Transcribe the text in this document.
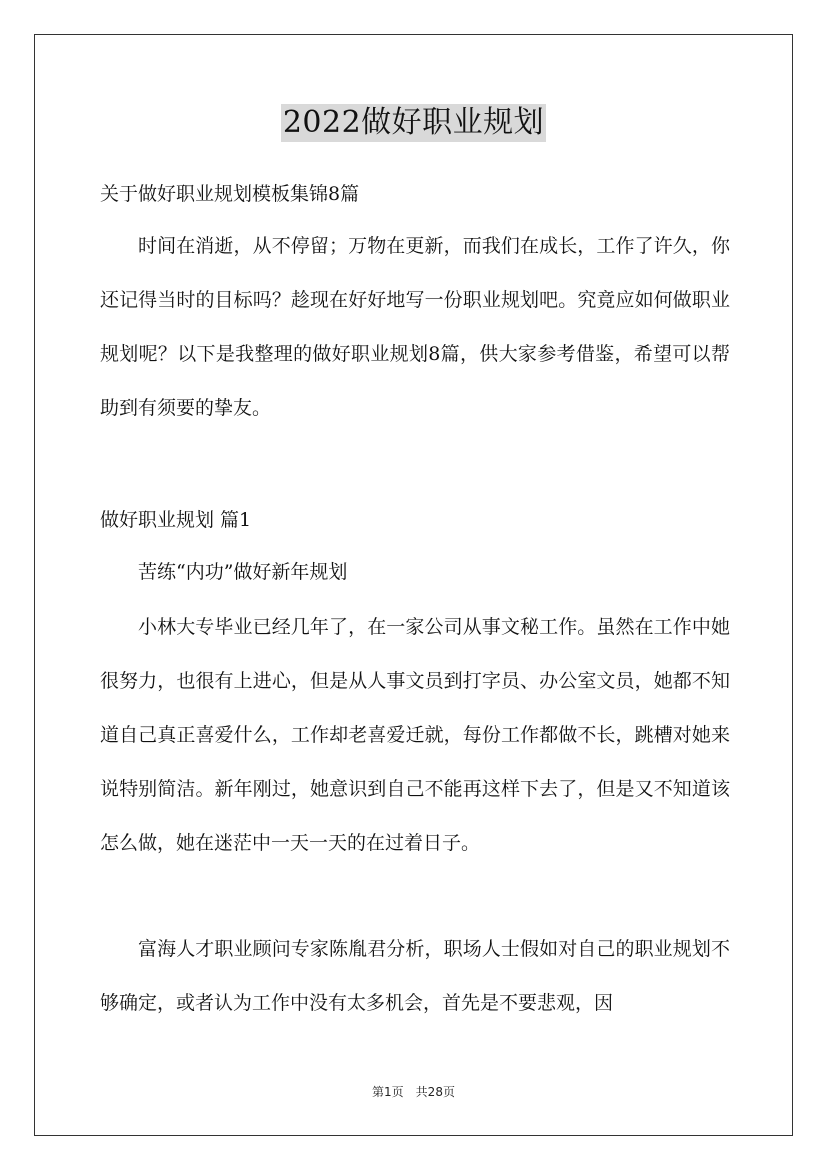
2022做好职业规划
关于做好职业规划模板集锦8篇

时间在消逝，从不停留；万物在更新，而我们在成长，工作了许久，你还记得当时的目标吗？趁现在好好地写一份职业规划吧。究竟应如何做职业规划呢？以下是我整理的做好职业规划8篇，供大家参考借鉴，希望可以帮助到有须要的挚友。

做好职业规划 篇1
苦练“内功”做好新年规划

小林大专毕业已经几年了，在一家公司从事文秘工作。虽然在工作中她很努力，也很有上进心，但是从人事文员到打字员、办公室文员，她都不知道自己真正喜爱什么，工作却老喜爱迁就，每份工作都做不长，跳槽对她来说特别简洁。新年刚过，她意识到自己不能再这样下去了，但是又不知道该怎么做，她在迷茫中一天一天的在过着日子。

富海人才职业顾问专家陈胤君分析，职场人士假如对自己的职业规划不够确定，或者认为工作中没有太多机会，首先是不要悲观，因

第1页　共28页
